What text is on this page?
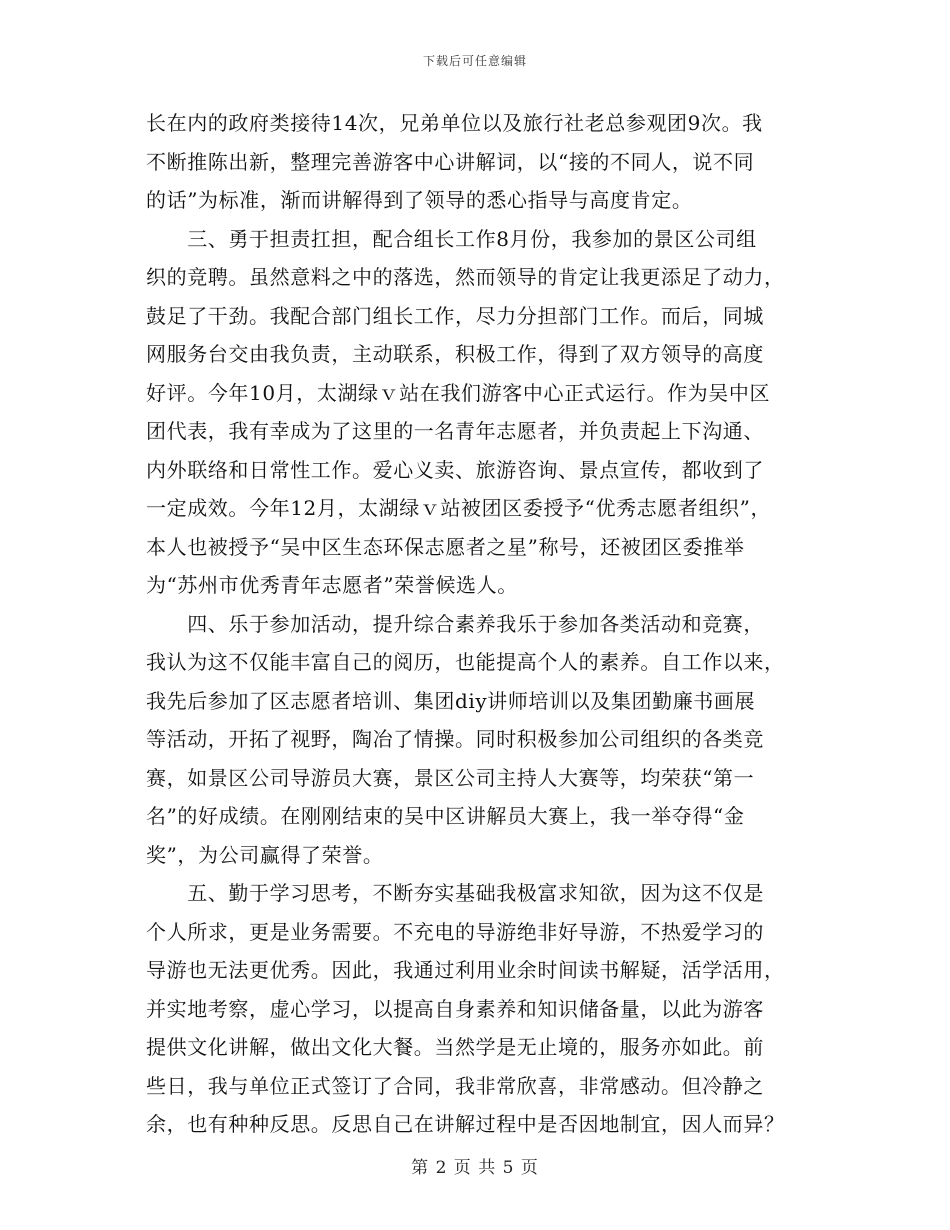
下载后可任意编辑
长在内的政府类接待14次，兄弟单位以及旅行社老总参观团9次。我
不断推陈出新，整理完善游客中心讲解词，以“接的不同人，说不同
的话”为标准，渐而讲解得到了领导的悉心指导与高度肯定。
　　三、勇于担责扛担，配合组长工作8月份，我参加的景区公司组
织的竞聘。虽然意料之中的落选，然而领导的肯定让我更添足了动力，
鼓足了干劲。我配合部门组长工作，尽力分担部门工作。而后，同城
网服务台交由我负责，主动联系，积极工作，得到了双方领导的高度
好评。今年10月，太湖绿ｖ站在我们游客中心正式运行。作为吴中区
团代表，我有幸成为了这里的一名青年志愿者，并负责起上下沟通、
内外联络和日常性工作。爱心义卖、旅游咨询、景点宣传，都收到了
一定成效。今年12月，太湖绿ｖ站被团区委授予“优秀志愿者组织”，
本人也被授予“吴中区生态环保志愿者之星”称号，还被团区委推举
为“苏州市优秀青年志愿者”荣誉候选人。
　　四、乐于参加活动，提升综合素养我乐于参加各类活动和竞赛，
我认为这不仅能丰富自己的阅历，也能提高个人的素养。自工作以来，
我先后参加了区志愿者培训、集团diy讲师培训以及集团勤廉书画展
等活动，开拓了视野，陶冶了情操。同时积极参加公司组织的各类竞
赛，如景区公司导游员大赛，景区公司主持人大赛等，均荣获“第一
名”的好成绩。在刚刚结束的吴中区讲解员大赛上，我一举夺得“金
奖”，为公司赢得了荣誉。
　　五、勤于学习思考，不断夯实基础我极富求知欲，因为这不仅是
个人所求，更是业务需要。不充电的导游绝非好导游，不热爱学习的
导游也无法更优秀。因此，我通过利用业余时间读书解疑，活学活用，
并实地考察，虚心学习，以提高自身素养和知识储备量，以此为游客
提供文化讲解，做出文化大餐。当然学是无止境的，服务亦如此。前
些日，我与单位正式签订了合同，我非常欣喜，非常感动。但冷静之
余，也有种种反思。反思自己在讲解过程中是否因地制宜，因人而异？
第 2 页 共 5 页
